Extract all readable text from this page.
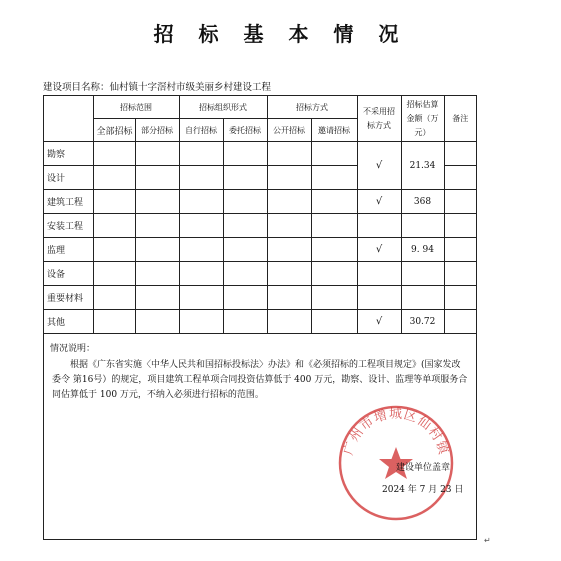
招 标 基 本 情 况
建设项目名称：仙村镇十字滘村市级美丽乡村建设工程
	招标范围		招标组织形式		招标方式		不采用招标方式	招标估算金额（万元）	备注
	全部招标	部分招标	自行招标	委托招标	公开招标	邀请招标			
勘察							√	21.34	
设计									
建筑工程							√	368	
安装工程									
监理							√	9. 94	
设备									
重要材料									
其他							√	30.72	
情况说明：
根据《广东省实施〈中华人民共和国招标投标法〉办法》和《必须招标的工程项目规定》(国家发改委令 第16号）的规定，项目建筑工程单项合同投资估算低于 400 万元，勘察、设计、监理等单项服务合同估算低于 100 万元，不纳入必须进行招标的范围。
广州市增城区仙村镇
建设单位盖章
2024 年 7 月 23 日
↵
